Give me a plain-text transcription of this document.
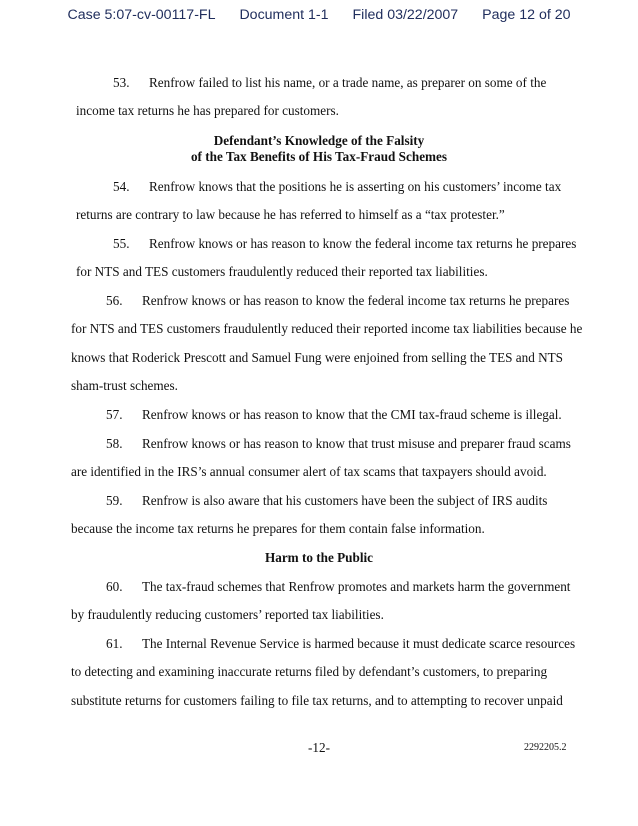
Case 5:07-cv-00117-FL Document 1-1 Filed 03/22/2007 Page 12 of 20
53. Renfrow failed to list his name, or a trade name, as preparer on some of the
income tax returns he has prepared for customers.
Defendant’s Knowledge of the Falsity
of the Tax Benefits of His Tax-Fraud Schemes
54. Renfrow knows that the positions he is asserting on his customers’ income tax
returns are contrary to law because he has referred to himself as a “tax protester.”
55. Renfrow knows or has reason to know the federal income tax returns he prepares
for NTS and TES customers fraudulently reduced their reported tax liabilities.
56. Renfrow knows or has reason to know the federal income tax returns he prepares
for NTS and TES customers fraudulently reduced their reported income tax liabilities because he
knows that Roderick Prescott and Samuel Fung were enjoined from selling the TES and NTS
sham-trust schemes.
57. Renfrow knows or has reason to know that the CMI tax-fraud scheme is illegal.
58. Renfrow knows or has reason to know that trust misuse and preparer fraud scams
are identified in the IRS’s annual consumer alert of tax scams that taxpayers should avoid.
59. Renfrow is also aware that his customers have been the subject of IRS audits
because the income tax returns he prepares for them contain false information.
Harm to the Public
60. The tax-fraud schemes that Renfrow promotes and markets harm the government
by fraudulently reducing customers’ reported tax liabilities.
61. The Internal Revenue Service is harmed because it must dedicate scarce resources
to detecting and examining inaccurate returns filed by defendant’s customers, to preparing
substitute returns for customers failing to file tax returns, and to attempting to recover unpaid
-12-	2292205.2
